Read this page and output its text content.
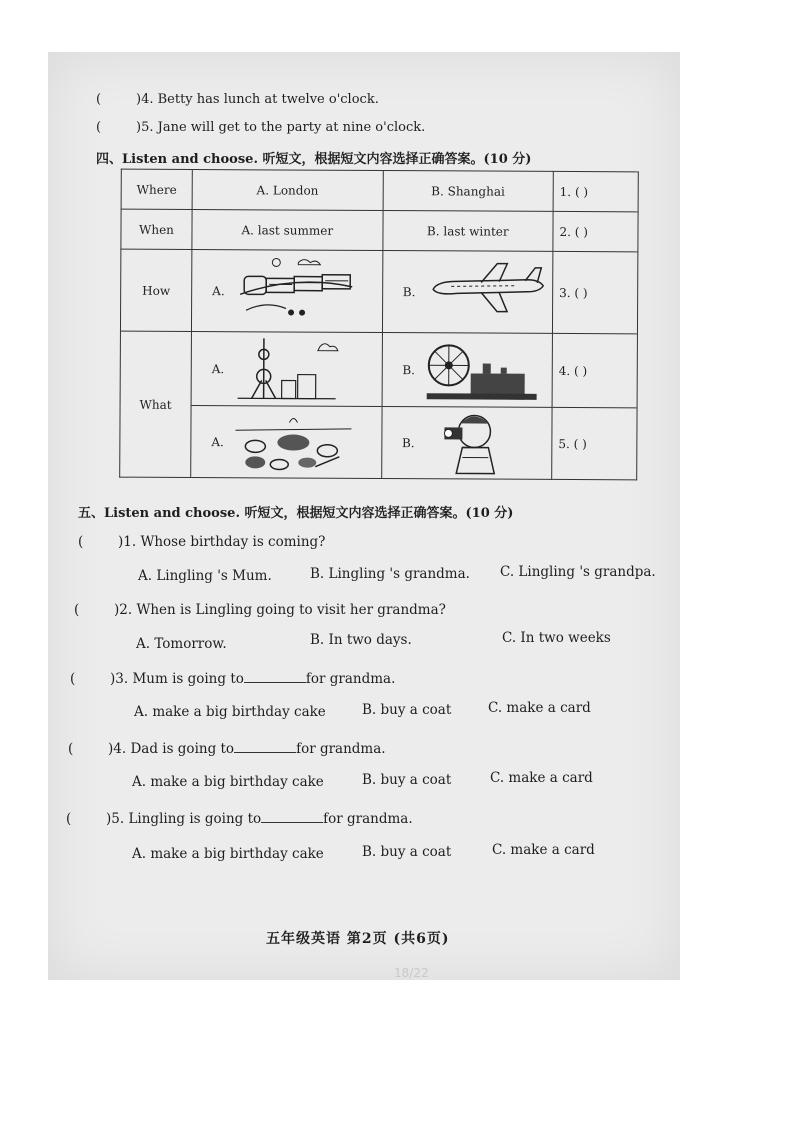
(	)4. Betty has lunch at twelve o'clock.
(	)5. Jane will get to the party at nine o'clock.
四、Listen and choose. 听短文，根据短文内容选择正确答案。(10 分)
Where	A. London	B. Shanghai	1. ( )
When	A. last summer	B. last winter	2. ( )
How	A.	B.	3. ( )
What	A.	B.	4. ( )

	A.	B.	5. ( )
五、Listen and choose. 听短文，根据短文内容选择正确答案。(10 分)
(	)1. Whose birthday is coming?
A. Lingling 's Mum.	B. Lingling 's grandma. C. Lingling 's grandpa.
(	)2. When is Lingling going to visit her grandma?
A. Tomorrow.	B. In two days.	C. In two weeks
(	)3. Mum is going to	for grandma.
A. make a big birthday cake	B. buy a coat	C. make a card
(	)4. Dad is going to	for grandma.
A. make a big birthday cake	B. buy a coat	C. make a card
(	)5. Lingling is going to	for grandma.
A. make a big birthday cake	B. buy a coat	C. make a card
五年级英语 第2页 (共6页)
18/22
